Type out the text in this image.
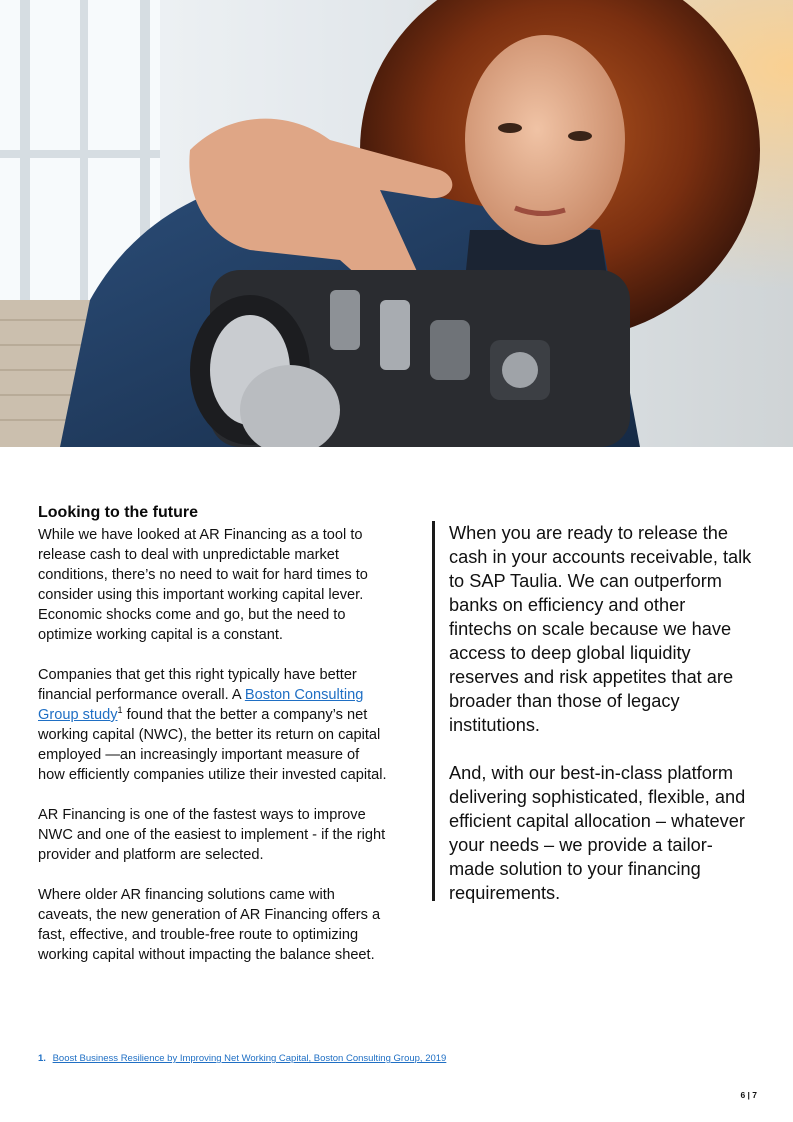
Looking to the future

While we have looked at AR Financing as a tool to release cash to deal with unpredictable market conditions, there’s no need to wait for hard times to consider using this important working capital lever. Economic shocks come and go, but the need to optimize working capital is a constant.

Companies that get this right typically have better financial performance overall. A Boston Consulting Group study$^1$ found that the better a company’s net working capital (NWC), the better its return on capital employed —an increasingly important measure of how efficiently companies utilize their invested capital.

AR Financing is one of the fastest ways to improve NWC and one of the easiest to implement - if the right provider and platform are selected.

Where older AR financing solutions came with caveats, the new generation of AR Financing offers a fast, effective, and trouble-free route to optimizing working capital without impacting the balance sheet.

When you are ready to release the cash in your accounts receivable, talk to SAP Taulia. We can outperform banks on efficiency and other fintechs on scale because we have access to deep global liquidity reserves and risk appetites that are broader than those of legacy institutions.

And, with our best-in-class platform delivering sophisticated, flexible, and efficient capital allocation – whatever your needs – we provide a tailor-made solution to your financing requirements.

1. Boost Business Resilience by Improving Net Working Capital, Boston Consulting Group, 2019
6 | 7
